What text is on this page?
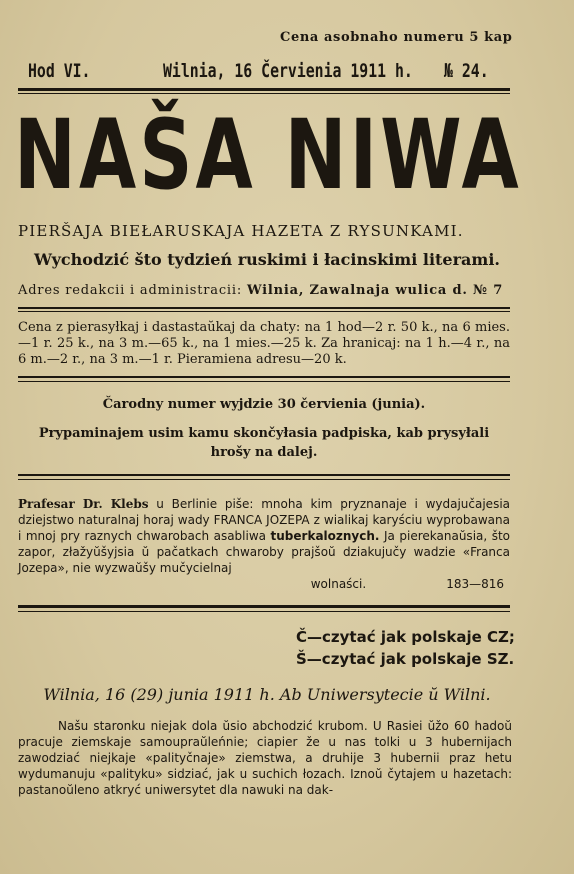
Cena asobnaho numeru 5 kap
Hod VI.	Wilnia, 16 Červienia 1911 h. № 24.
NAŠA NIWA
PIERŠAJA BIEŁARUSKAJA HAZETA Z RYSUNKAMI.
Wychodzić što tydzień ruskimi i łacinskimi literami.
Adres redakcii i administracii: Wilnia, Zawalnaja wulica d. № 7
Cena z pierasyłkaj i dastastaŭkaj da chaty: na 1 hod—2 r. 50 k., na 6 mies.—1 r. 25 k., na 3 m.—65 k., na 1 mies.—25 k. Za hranicaj: na 1 h.—4 r., na 6 m.—2 r., na 3 m.—1 r. Pieramiena adresu—20 k.
Čarodny numer wyjdzie 30 červienia (junia).
Prypaminajem usim kamu skončyłasia padpiska, kab prysyłali hrošy na dalej.
Prafesar Dr. Klebs u Berlinie piše: mnoha kim pryznanaje i wydajučajesia dziejstwo naturalnaj horaj wady FRANCA JOZEPA z wialikaj karyściu wyprobawana i mnoj pry raznych chwarobach asabliwa tuberkaloznych. Ja pierekanaŭsia, što zapor, złažyŭšyjsia ŭ pačatkach chwaroby prajšoŭ dziakujučy wadzie «Franca Jozepa», nie wyzwaŭšy mučycielnaj
wolnaści.	183—816
Č—czytać jak polskaje CZ;
Š—czytać jak polskaje SZ.
Wilnia, 16 (29) junia 1911 h. Ab Uniwersytecie ŭ Wilni.

Našu staronku niejak dola ŭsio abchodzić krubom. U Rasiei ŭžo 60 hadoŭ pracuje ziemskaje samoupraŭleńnie; ciapier že u nas tolki u 3 hubernijach zawodziać niejkaje «palityčnaje» ziemstwa, a druhije 3 hubernii praz hetu wydumanuju «palityku» sidziać, jak u suchich łozach. Iznoŭ čytajem u hazetach: pastanoŭleno atkryć uniwersytet dla nawuki na dak-
